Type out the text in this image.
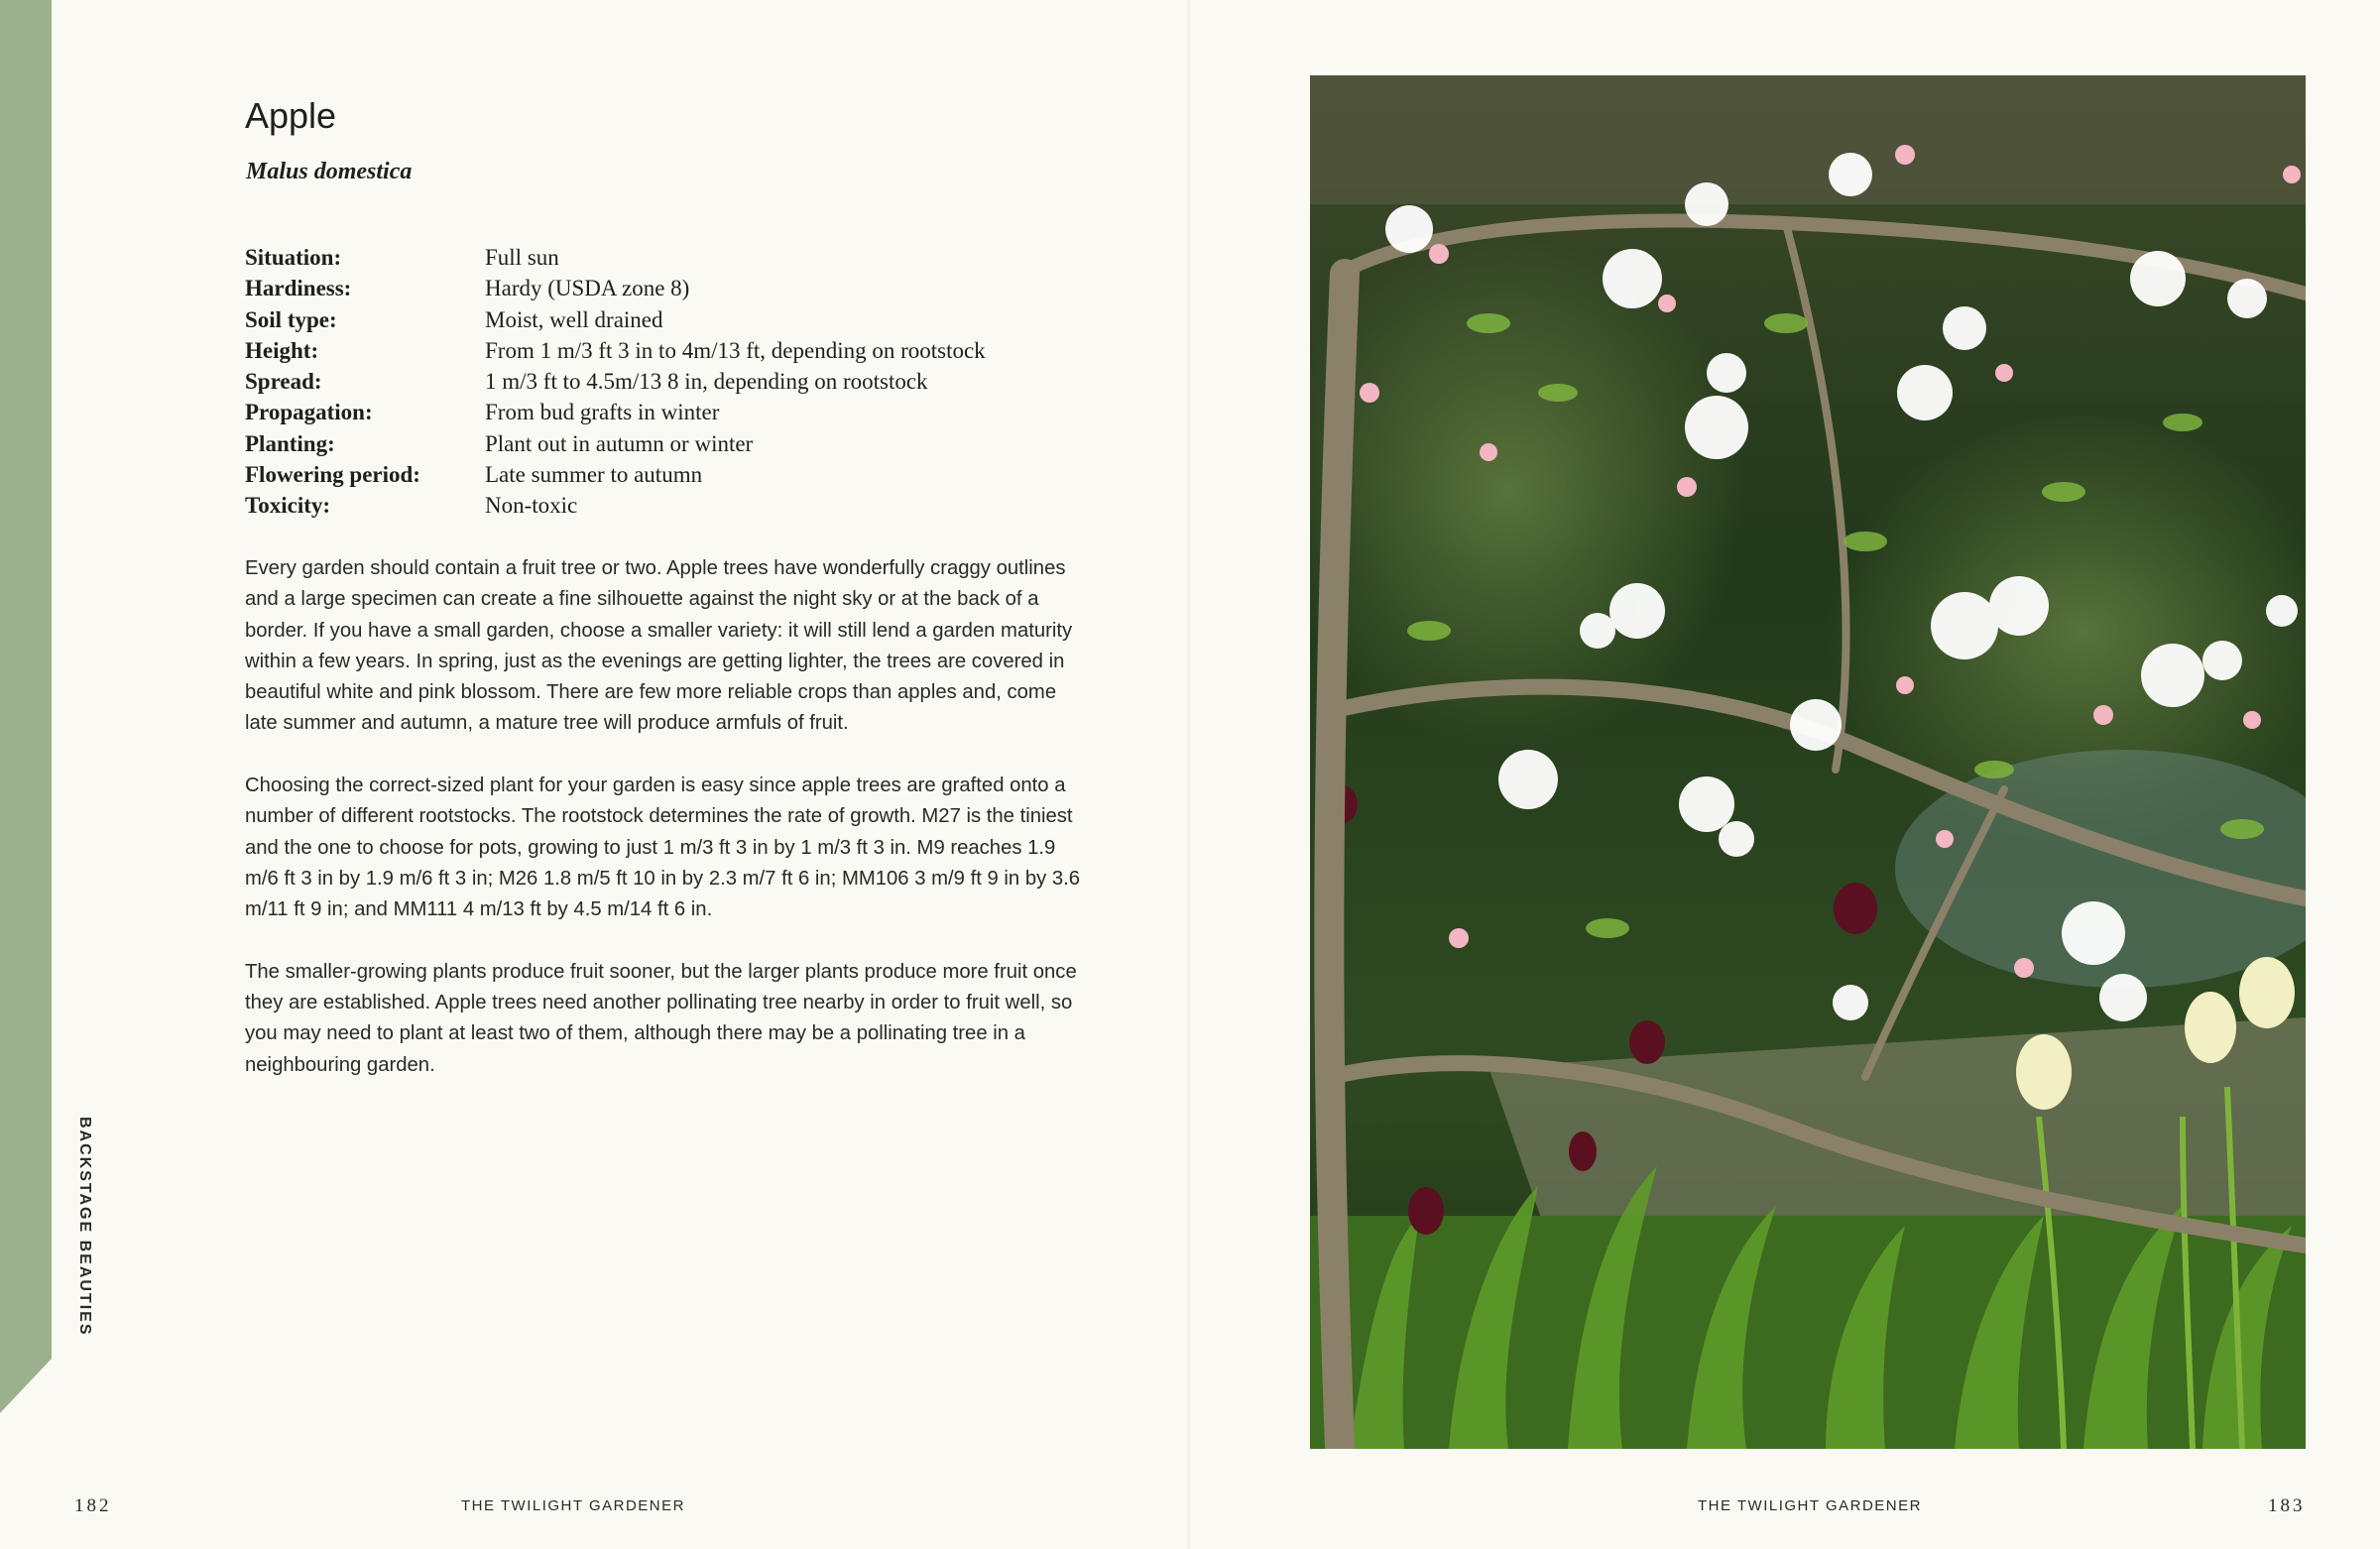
BACKSTAGE BEAUTIES
Apple
Malus domestica
Situation:	Full sun
Hardiness:	Hardy (USDA zone 8)
Soil type:	Moist, well drained
Height:	From 1 m/3 ft 3 in to 4m/13 ft, depending on rootstock
Spread:	1 m/3 ft to 4.5m/13 8 in, depending on rootstock
Propagation:	From bud grafts in winter
Planting:	Plant out in autumn or winter
Flowering period:	Late summer to autumn
Toxicity:	Non-toxic

Every garden should contain a fruit tree or two. Apple trees have wonderfully craggy outlines and a large specimen can create a fine silhouette against the night sky or at the back of a border. If you have a small garden, choose a smaller variety: it will still lend a garden maturity within a few years. In spring, just as the evenings are getting lighter, the trees are covered in beautiful white and pink blossom. There are few more reliable crops than apples and, come late summer and autumn, a mature tree will produce armfuls of fruit.

Choosing the correct-sized plant for your garden is easy since apple trees are grafted onto a number of different rootstocks. The rootstock determines the rate of growth. M27 is the tiniest and the one to choose for pots, growing to just 1 m/3 ft 3 in by 1 m/3 ft 3 in. M9 reaches 1.9 m/6 ft 3 in by 1.9 m/6 ft 3 in; M26 1.8 m/5 ft 10 in by 2.3 m/7 ft 6 in; MM106 3 m/9 ft 9 in by 3.6 m/11 ft 9 in; and MM111 4 m/13 ft by 4.5 m/14 ft 6 in.

The smaller-growing plants produce fruit sooner, but the larger plants produce more fruit once they are established. Apple trees need another pollinating tree nearby in order to fruit well, so you may need to plant at least two of them, although there may be a pollinating tree in a neighbouring garden.

182	THE TWILIGHT GARDENER	THE TWILIGHT GARDENER	183
